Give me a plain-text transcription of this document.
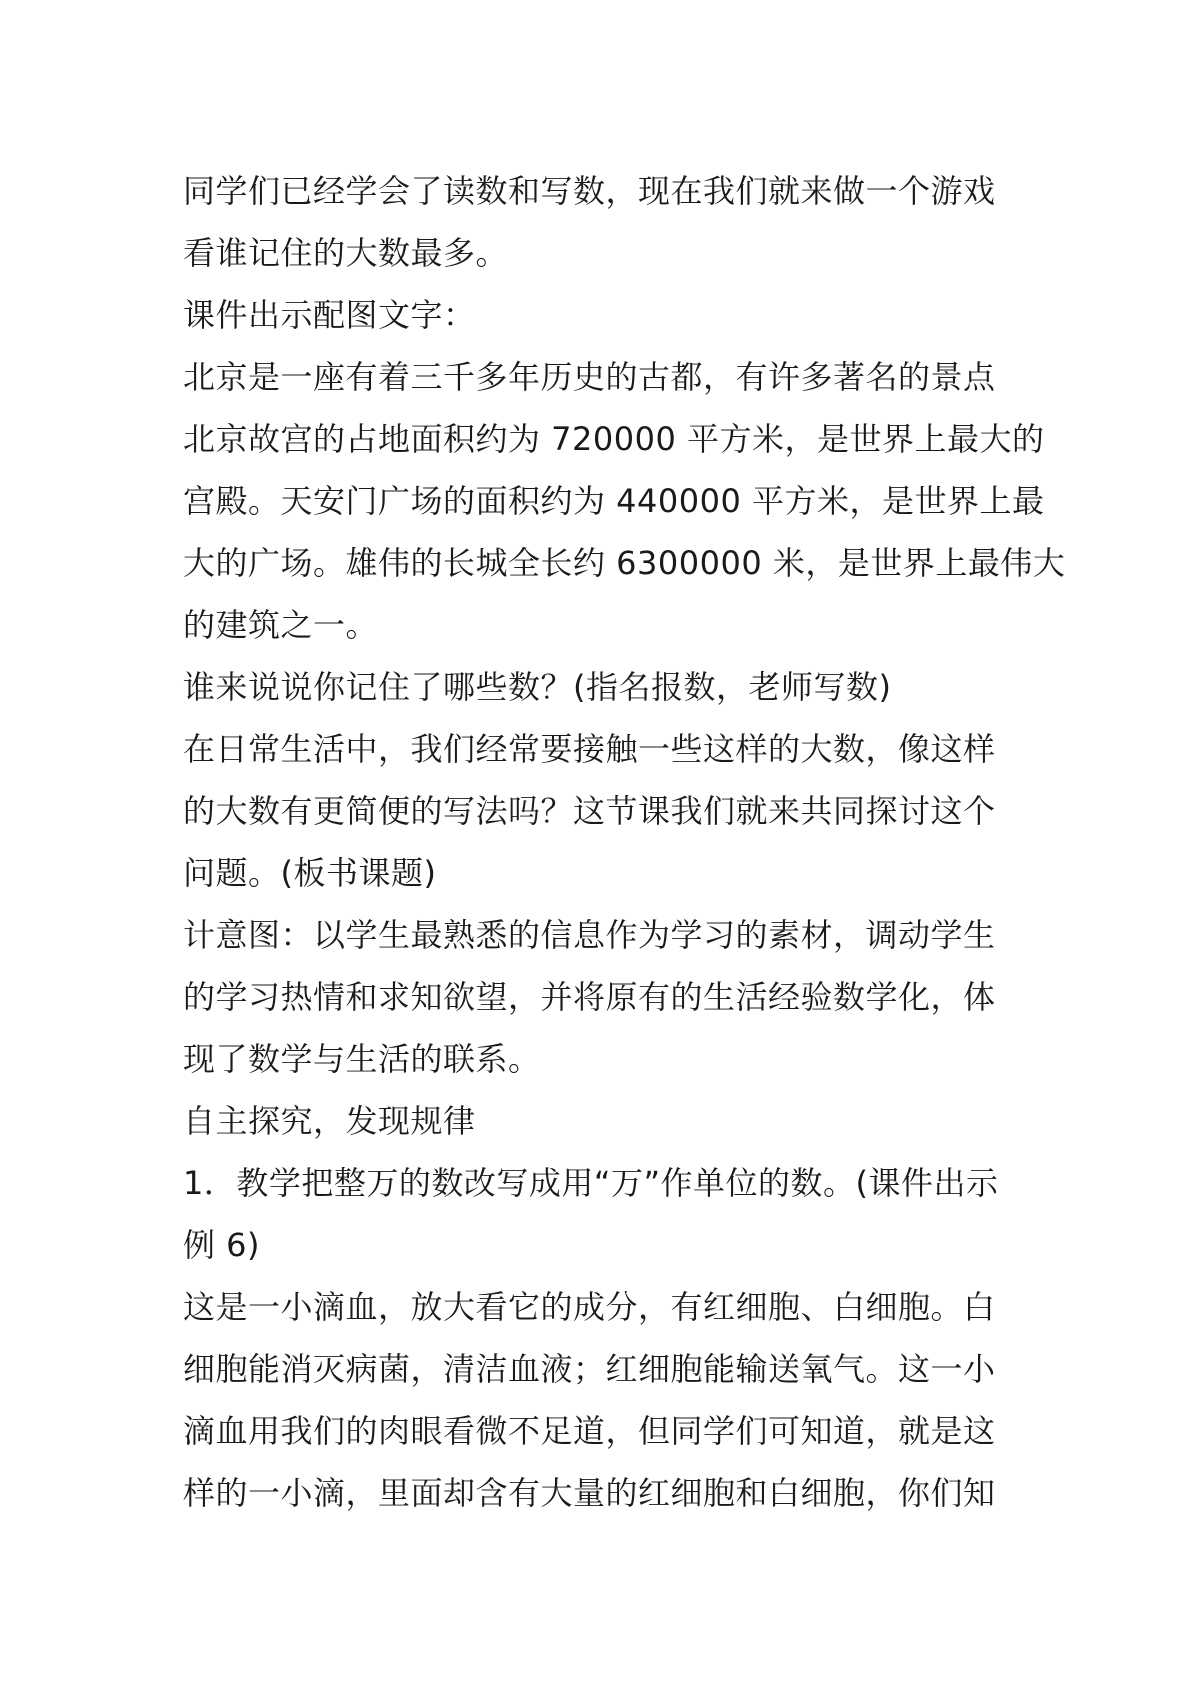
同学们已经学会了读数和写数，现在我们就来做一个游戏
看谁记住的大数最多。
课件出示配图文字：
北京是一座有着三千多年历史的古都，有许多著名的景点
北京故宫的占地面积约为 720000 平方米，是世界上最大的
宫殿。天安门广场的面积约为 440000 平方米，是世界上最
大的广场。雄伟的长城全长约 6300000 米，是世界上最伟大
的建筑之一。
谁来说说你记住了哪些数？(指名报数，老师写数)
在日常生活中，我们经常要接触一些这样的大数，像这样
的大数有更简便的写法吗？这节课我们就来共同探讨这个
问题。(板书课题)
计意图：以学生最熟悉的信息作为学习的素材，调动学生
的学习热情和求知欲望，并将原有的生活经验数学化，体
现了数学与生活的联系。
自主探究，发现规律
1．教学把整万的数改写成用“万”作单位的数。(课件出示
例 6)
这是一小滴血，放大看它的成分，有红细胞、白细胞。白
细胞能消灭病菌，清洁血液；红细胞能输送氧气。这一小
滴血用我们的肉眼看微不足道，但同学们可知道，就是这
样的一小滴，里面却含有大量的红细胞和白细胞，你们知
